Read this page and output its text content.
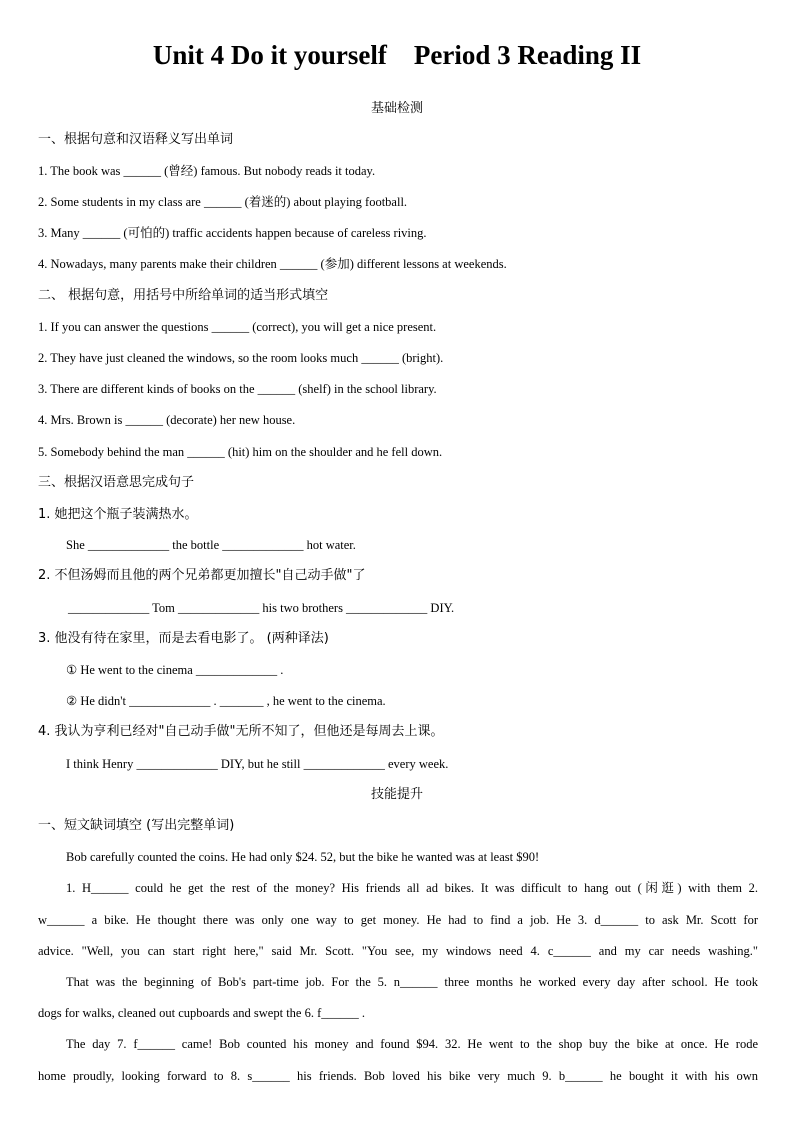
Unit 4 Do it yourself    Period 3 Reading II
基础检测
一、根据句意和汉语释义写出单词
1. The book was ______ (曾经) famous. But nobody reads it today.
2. Some students in my class are ______ (着迷的) about playing football.
3. Many ______ (可怕的) traffic accidents happen because of careless riving.
4. Nowadays, many parents make their children ______ (参加) different lessons at weekends.
二、 根据句意，用括号中所给单词的适当形式填空
1. If you can answer the questions ______ (correct), you will get a nice present.
2. They have just cleaned the windows, so the room looks much ______ (bright).
3. There are different kinds of books on the ______ (shelf) in the school library.
4. Mrs. Brown is ______ (decorate) her new house.
5. Somebody behind the man ______ (hit) him on the shoulder and he fell down.
三、根据汉语意思完成句子
1. 她把这个瓶子装满热水。
She _____________ the bottle _____________ hot water.
2. 不但汤姆而且他的两个兄弟都更加擅长"自己动手做"了
_____________ Tom _____________ his two brothers _____________ DIY.
3. 他没有待在家里，而是去看电影了。 (两种译法)
① He went to the cinema _____________ .
② He didn't _____________ . _______ , he went to the cinema.
4. 我认为亨利已经对"自己动手做"无所不知了，但他还是每周去上课。
I think Henry _____________ DIY, but he still _____________ every week.
技能提升
一、短文缺词填空 (写出完整单词)
Bob carefully counted the coins. He had only $24. 52, but the bike he wanted was at least $90!
1. H______ could he get the rest of the money? His friends all ad bikes. It was difficult to hang out (闲逛) with them 2.
w______ a bike. He thought there was only one way to get money. He had to find a job. He 3. d______ to ask Mr. Scott for
advice. "Well, you can start right here," said Mr. Scott. "You see, my windows need 4. c______ and my car needs washing."
That was the beginning of Bob's part-time job. For the 5. n______ three months he worked every day after school. He took
dogs for walks, cleaned out cupboards and swept the 6. f______ .
The day 7. f______ came! Bob counted his money and found $94. 32. He went to the shop buy the bike at once. He rode
home proudly, looking forward to 8. s______ his friends. Bob loved his bike very much 9. b______ he bought it with his own
